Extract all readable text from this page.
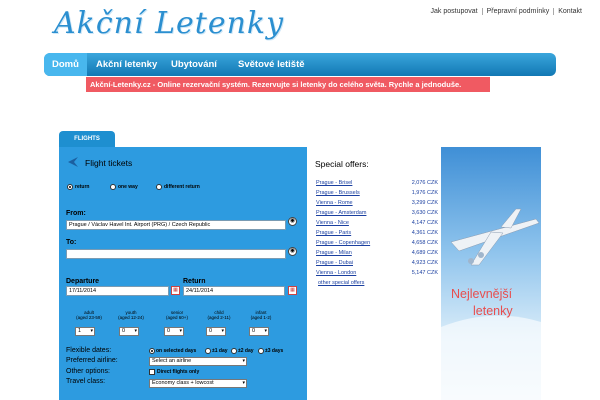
Akční Letenky	Jak postupovat Přepravní podmínky Kontakt
Domů	Akční letenky	Ubytování	Světové letiště
Akční-Letenky.cz - Online rezervační systém. Rezervujte si letenky do celého světa. Rychle a jednoduše.
FLIGHTS
Flight tickets
return	one way	different return
From:
Prague / Václav Havel Int. Airport (PRG) / Czech Republic
◉
To:
◉
Departure
17/11/2014	▦
Return
24/11/2014	▦
adult
(aged 23-59)
youth
(aged 12-24)
senior
(aged 60+)
child
(aged 2-11)
infant
(aged 1-2)
1 ▾	0 ▾	0 ▾	0 ▾	0 ▾
Flexible dates:	on selected days	±1 day ±2 day ±3 days
Preferred airline:	Select an airline	▾
Other options:	Direct flights only
Travel class:	Economy class + lowcost	▾
Special offers:
Prague - Brisel	2,076 CZK
Prague - Brussels	1,976 CZK
Vienna - Rome	3,299 CZK
Prague - Amsterdam	3,630 CZK
Vienna - Nice	4,147 CZK
Prague - Paris	4,361 CZK
Prague - Copenhagen	4,658 CZK
Prague - Milan	4,689 CZK
Prague - Dubai	4,923 CZK
Vienna - London	5,147 CZK
other special offers
Nejlevnější
letenky
